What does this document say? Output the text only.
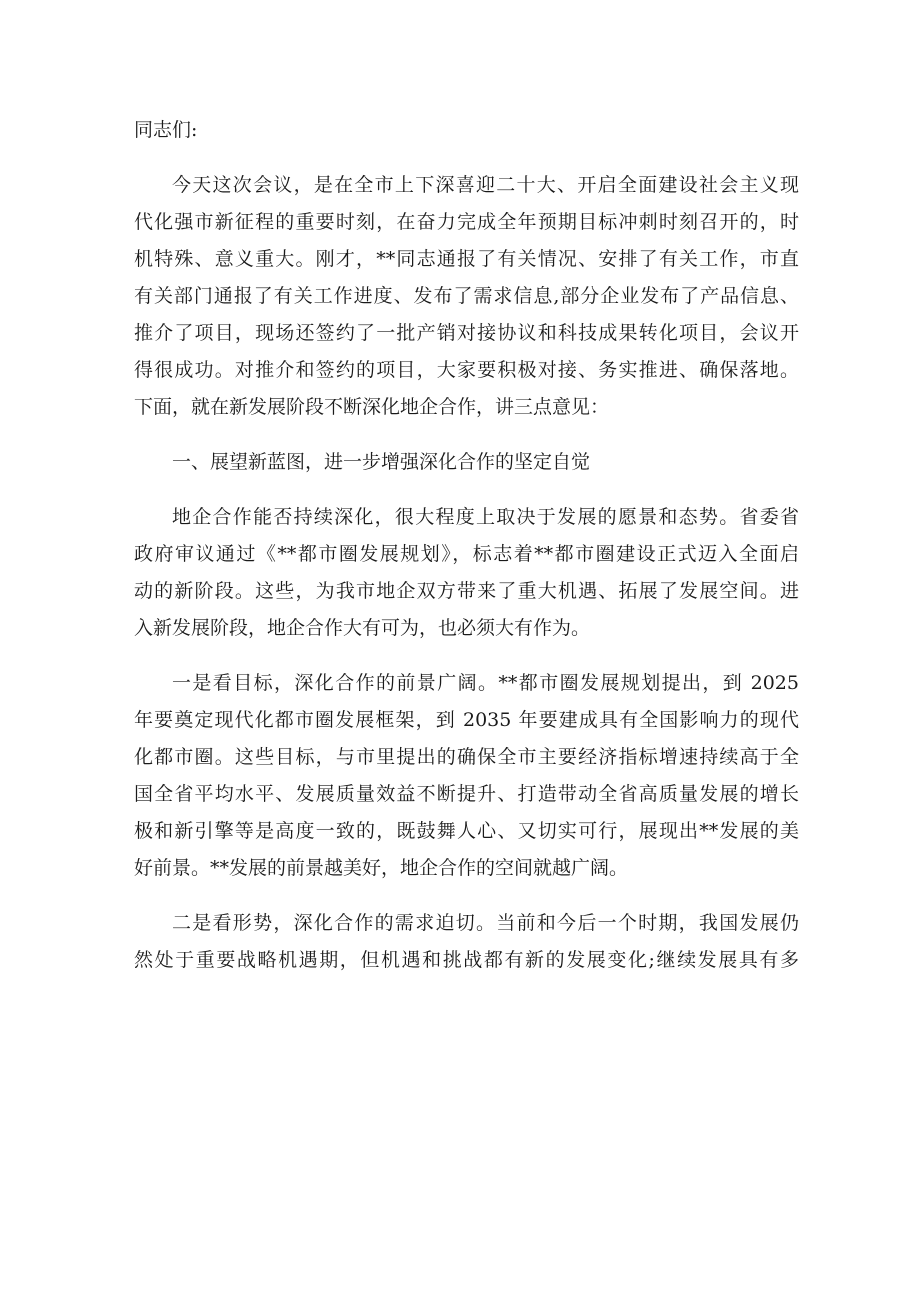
同志们:

今天这次会议，是在全市上下深喜迎二十大、开启全面建设社会主义现

代化强市新征程的重要时刻，在奋力完成全年预期目标冲刺时刻召开的，时

机特殊、意义重大。刚才，**同志通报了有关情况、安排了有关工作，市直

有关部门通报了有关工作进度、发布了需求信息,部分企业发布了产品信息、

推介了项目，现场还签约了一批产销对接协议和科技成果转化项目，会议开

得很成功。对推介和签约的项目，大家要积极对接、务实推进、确保落地。

下面，就在新发展阶段不断深化地企合作，讲三点意见：

一、展望新蓝图，进一步增强深化合作的坚定自觉

地企合作能否持续深化，很大程度上取决于发展的愿景和态势。省委省

政府审议通过《**都市圈发展规划》，标志着**都市圈建设正式迈入全面启

动的新阶段。这些，为我市地企双方带来了重大机遇、拓展了发展空间。进

入新发展阶段，地企合作大有可为，也必须大有作为。

一是看目标，深化合作的前景广阔。**都市圈发展规划提出，到 2025

年要奠定现代化都市圈发展框架，到 2035 年要建成具有全国影响力的现代

化都市圈。这些目标，与市里提出的确保全市主要经济指标增速持续高于全

国全省平均水平、发展质量效益不断提升、打造带动全省高质量发展的增长

极和新引擎等是高度一致的，既鼓舞人心、又切实可行，展现出**发展的美

好前景。**发展的前景越美好，地企合作的空间就越广阔。

二是看形势，深化合作的需求迫切。当前和今后一个时期，我国发展仍

然处于重要战略机遇期，但机遇和挑战都有新的发展变化;继续发展具有多
